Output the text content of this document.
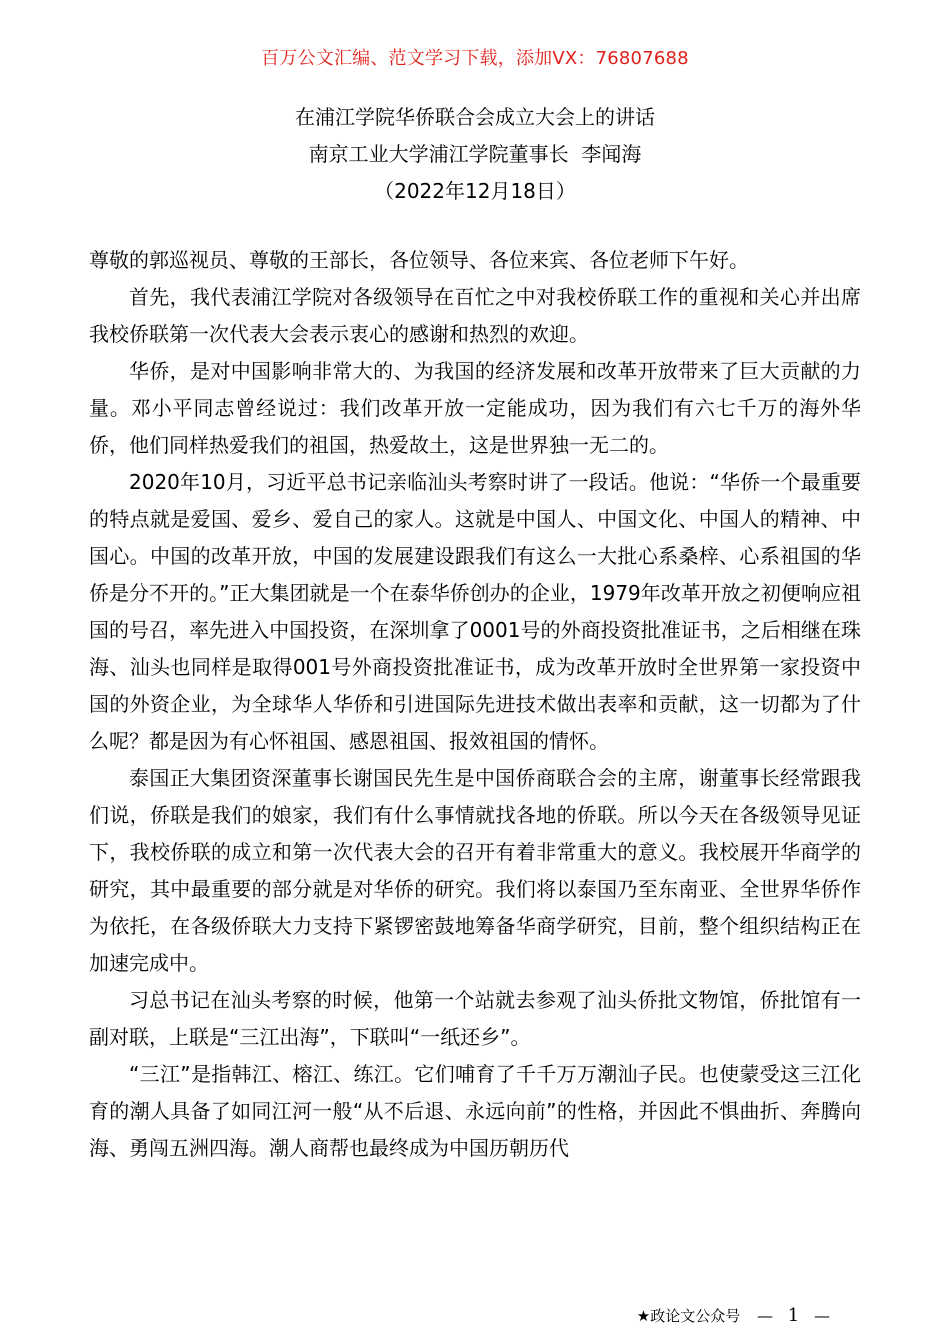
百万公文汇编、范文学习下载，添加VX：76807688
在浦江学院华侨联合会成立大会上的讲话
南京工业大学浦江学院董事长  李闻海
（2022年12月18日）

尊敬的郭巡视员、尊敬的王部长，各位领导、各位来宾、各位老师下午好。

首先，我代表浦江学院对各级领导在百忙之中对我校侨联工作的重视和关心并出席我校侨联第一次代表大会表示衷心的感谢和热烈的欢迎。

华侨，是对中国影响非常大的、为我国的经济发展和改革开放带来了巨大贡献的力量。邓小平同志曾经说过：我们改革开放一定能成功，因为我们有六七千万的海外华侨，他们同样热爱我们的祖国，热爱故土，这是世界独一无二的。

2020年10月，习近平总书记亲临汕头考察时讲了一段话。他说：“华侨一个最重要的特点就是爱国、爱乡、爱自己的家人。这就是中国人、中国文化、中国人的精神、中国心。中国的改革开放，中国的发展建设跟我们有这么一大批心系桑梓、心系祖国的华侨是分不开的。”正大集团就是一个在泰华侨创办的企业，1979年改革开放之初便响应祖国的号召，率先进入中国投资，在深圳拿了0001号的外商投资批准证书，之后相继在珠海、汕头也同样是取得001号外商投资批准证书，成为改革开放时全世界第一家投资中国的外资企业，为全球华人华侨和引进国际先进技术做出表率和贡献，这一切都为了什么呢？都是因为有心怀祖国、感恩祖国、报效祖国的情怀。

泰国正大集团资深董事长谢国民先生是中国侨商联合会的主席，谢董事长经常跟我们说，侨联是我们的娘家，我们有什么事情就找各地的侨联。所以今天在各级领导见证下，我校侨联的成立和第一次代表大会的召开有着非常重大的意义。我校展开华商学的研究，其中最重要的部分就是对华侨的研究。我们将以泰国乃至东南亚、全世界华侨作为依托，在各级侨联大力支持下紧锣密鼓地筹备华商学研究，目前，整个组织结构正在加速完成中。

习总书记在汕头考察的时候，他第一个站就去参观了汕头侨批文物馆，侨批馆有一副对联，上联是“三江出海”，下联叫“一纸还乡”。

“三江”是指韩江、榕江、练江。它们哺育了千千万万潮汕子民。也使蒙受这三江化育的潮人具备了如同江河一般“从不后退、永远向前”的性格，并因此不惧曲折、奔腾向海、勇闯五洲四海。潮人商帮也最终成为中国历朝历代

★政论文公众号 — 1 —
